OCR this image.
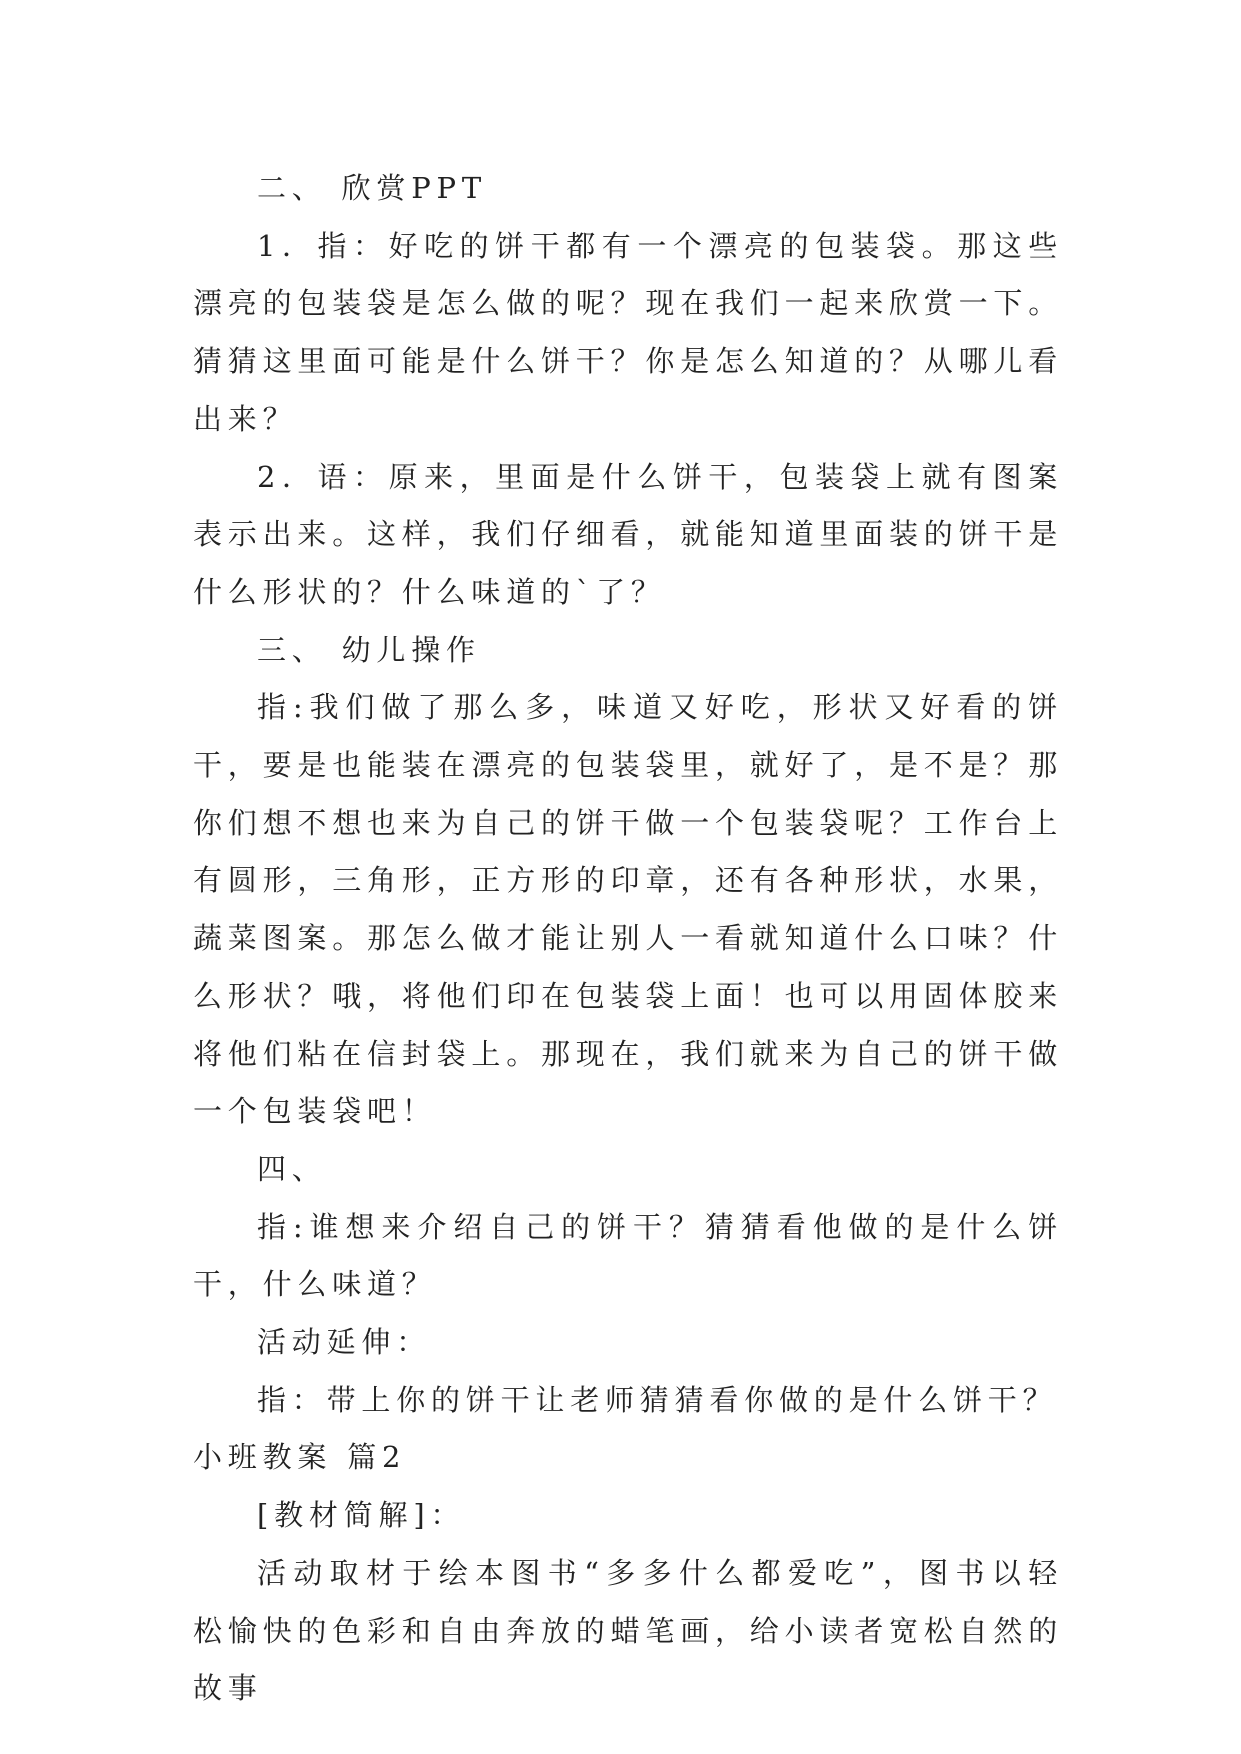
二、 欣赏PPT

1．指：好吃的饼干都有一个漂亮的包装袋。那这些漂亮的包装袋是怎么做的呢？现在我们一起来欣赏一下。猜猜这里面可能是什么饼干？你是怎么知道的？从哪儿看出来？

2．语：原来，里面是什么饼干，包装袋上就有图案表示出来。这样，我们仔细看，就能知道里面装的饼干是什么形状的？什么味道的`了？

三、 幼儿操作

指:我们做了那么多，味道又好吃，形状又好看的饼干，要是也能装在漂亮的包装袋里，就好了，是不是？那你们想不想也来为自己的饼干做一个包装袋呢？工作台上有圆形，三角形，正方形的印章，还有各种形状，水果，蔬菜图案。那怎么做才能让别人一看就知道什么口味？什么形状？哦，将他们印在包装袋上面！也可以用固体胶来将他们粘在信封袋上。那现在，我们就来为自己的饼干做一个包装袋吧！

四、

指:谁想来介绍自己的饼干？猜猜看他做的是什么饼干，什么味道？

活动延伸：

指：带上你的饼干让老师猜猜看你做的是什么饼干？

小班教案 篇2

[教材简解]：

活动取材于绘本图书“多多什么都爱吃”，图书以轻松愉快的色彩和自由奔放的蜡笔画，给小读者宽松自然的故事
